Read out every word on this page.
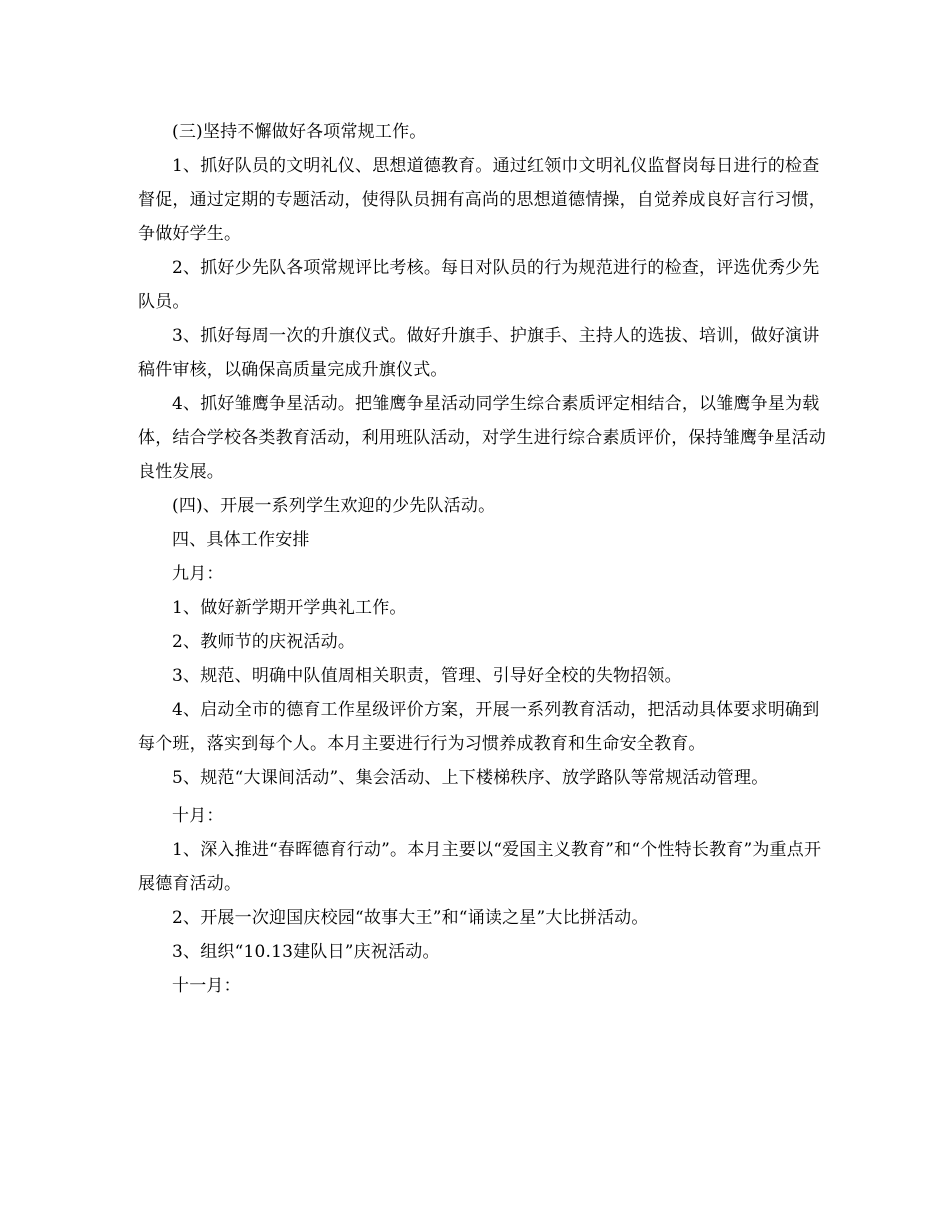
(三)坚持不懈做好各项常规工作。

1、抓好队员的文明礼仪、思想道德教育。通过红领巾文明礼仪监督岗每日进行的检查督促，通过定期的专题活动，使得队员拥有高尚的思想道德情操，自觉养成良好言行习惯，争做好学生。

2、抓好少先队各项常规评比考核。每日对队员的行为规范进行的检查，评选优秀少先队员。

3、抓好每周一次的升旗仪式。做好升旗手、护旗手、主持人的选拔、培训，做好演讲稿件审核，以确保高质量完成升旗仪式。

4、抓好雏鹰争星活动。把雏鹰争星活动同学生综合素质评定相结合，以雏鹰争星为载体，结合学校各类教育活动，利用班队活动，对学生进行综合素质评价，保持雏鹰争星活动良性发展。

(四)、开展一系列学生欢迎的少先队活动。

四、具体工作安排

九月：

1、做好新学期开学典礼工作。

2、教师节的庆祝活动。

3、规范、明确中队值周相关职责，管理、引导好全校的失物招领。

4、启动全市的德育工作星级评价方案，开展一系列教育活动，把活动具体要求明确到每个班，落实到每个人。本月主要进行行为习惯养成教育和生命安全教育。

5、规范“大课间活动”、集会活动、上下楼梯秩序、放学路队等常规活动管理。

十月：

1、深入推进“春晖德育行动”。本月主要以“爱国主义教育”和“个性特长教育”为重点开展德育活动。

2、开展一次迎国庆校园“故事大王”和“诵读之星”大比拼活动。

3、组织“10.13建队日”庆祝活动。

十一月：
